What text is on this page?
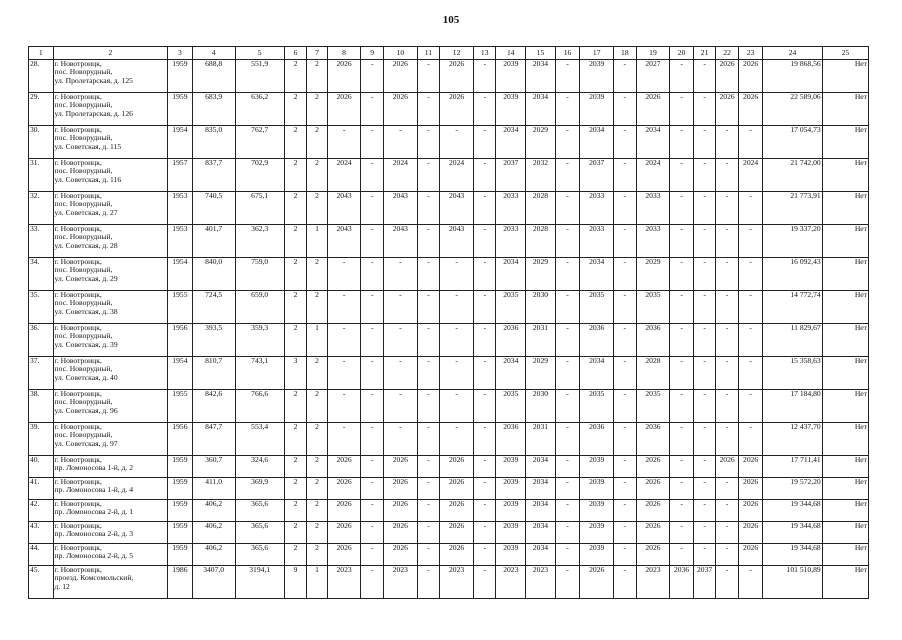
105
1	2	3	4	5	6	7	8	9	10	11	12	13	14	15	16	17	18	19	20	21	22	23	24	25
28.	г. Новотроицк,
пос. Новорудный,
ул. Пролетарская, д. 125	1959	688,8	551,9	2	2	2026	-	2026	-	2026	-	2039	2034	-	2039	-	2027	-	-	2026	2026	19 868,56	Нет
29.	г. Новотроицк,
пос. Новорудный,
ул. Пролетарская, д. 126	1959	683,9	636,2	2	2	2026	-	2026	-	2026	-	2039	2034	-	2039	-	2026	-	-	2026	2026	22 589,06	Нет
30.	г. Новотроицк,
пос. Новорудный,
ул. Советская, д. 115	1954	835,0	762,7	2	2	-	-	-	-	-	-	2034	2029	-	2034	-	2034	-	-	-	-	17 054,73	Нет
31.	г. Новотроицк,
пос. Новорудный,
ул. Советская, д. 116	1957	837,7	702,9	2	2	2024	-	2024	-	2024	-	2037	2032	-	2037	-	2024	-	-	-	2024	21 742,00	Нет
32.	г. Новотроицк,
пос. Новорудный,
ул. Советская, д. 27	1953	740,5	675,1	2	2	2043	-	2043	-	2043	-	2033	2028	-	2033	-	2033	-	-	-	-	21 773,91	Нет
33.	г. Новотроицк,
пос. Новорудный,
ул. Советская, д. 28	1953	401,7	362,3	2	1	2043	-	2043	-	2043	-	2033	2028	-	2033	-	2033	-	-	-	-	19 337,20	Нет
34.	г. Новотроицк,
пос. Новорудный,
ул. Советская, д. 29	1954	840,0	759,0	2	2	-	-	-	-	-	-	2034	2029	-	2034	-	2029	-	-	-	-	16 092,43	Нет
35.	г. Новотроицк,
пос. Новорудный,
ул. Советская, д. 38	1955	724,5	659,0	2	2	-	-	-	-	-	-	2035	2030	-	2035	-	2035	-	-	-	-	14 772,74	Нет
36.	г. Новотроицк,
пос. Новорудный,
ул. Советская, д. 39	1956	393,5	359,3	2	1	-	-	-	-	-	-	2036	2031	-	2036	-	2036	-	-	-	-	11 829,67	Нет
37.	г. Новотроицк,
пос. Новорудный,
ул. Советская, д. 40	1954	810,7	743,1	3	2	-	-	-	-	-	-	2034	2029	-	2034	-	2028	-	-	-	-	15 358,63	Нет
38.	г. Новотроицк,
пос. Новорудный,
ул. Советская, д. 96	1955	842,6	766,6	2	2	-	-	-	-	-	-	2035	2030	-	2035	-	2035	-	-	-	-	17 184,80	Нет
39.	г. Новотроицк,
пос. Новорудный,
ул. Советская, д. 97	1956	847,7	553,4	2	2	-	-	-	-	-	-	2036	2031	-	2036	-	2036	-	-	-	-	12 437,70	Нет
40.	г. Новотроицк,
пр. Ломоносова 1-й, д. 2	1959	360,7	324,6	2	2	2026	-	2026	-	2026	-	2039	2034	-	2039	-	2026	-	-	2026	2026	17 711,41	Нет
41.	г. Новотроицк,
пр. Ломоносова 1-й, д. 4	1959	411,0	369,9	2	2	2026	-	2026	-	2026	-	2039	2034	-	2039	-	2026	-	-	-	2026	19 572,20	Нет
42.	г. Новотроицк,
пр. Ломоносова 2-й, д. 1	1959	406,2	365,6	2	2	2026	-	2026	-	2026	-	2039	2034	-	2039	-	2026	-	-	-	2026	19 344,68	Нет
43.	г. Новотроицк,
пр. Ломоносова 2-й, д. 3	1959	406,2	365,6	2	2	2026	-	2026	-	2026	-	2039	2034	-	2039	-	2026	-	-	-	2026	19 344,68	Нет
44.	г. Новотроицк,
пр. Ломоносова 2-й, д. 5	1959	406,2	365,6	2	2	2026	-	2026	-	2026	-	2039	2034	-	2039	-	2026	-	-	-	2026	19 344,68	Нет
45.	г. Новотроицк,
проезд. Комсомольский,
д. 12	1986	3407,0	3194,1	9	1	2023	-	2023	-	2023	-	2023	2023	-	2026	-	2023	2036	2037	-	-	101 510,89	Нет
